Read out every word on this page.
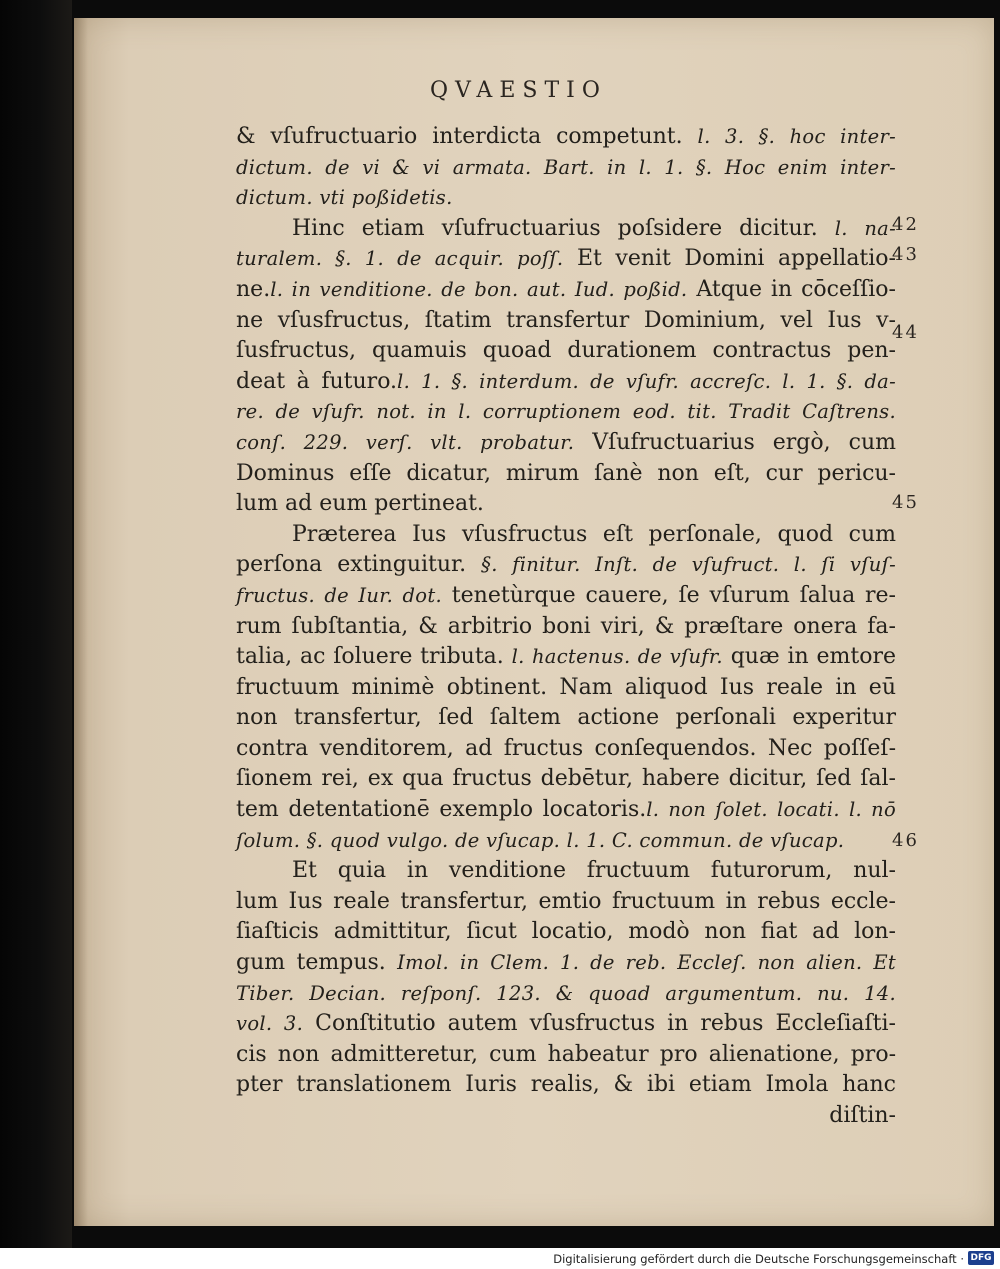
QVAESTIO
& vſufructuario interdicta competunt. l. 3. §. hoc inter-
dictum. de vi & vi armata. Bart. in l. 1. §. Hoc enim inter-
dictum. vti poßidetis.
Hinc etiam vſufructuarius poſsidere dicitur. l. na-
turalem. §. 1. de acquir. poſſ. Et venit Domini appellatio-
ne.l. in venditione. de bon. aut. Iud. poßid. Atque in cōceſſio-
ne vſusfructus, ſtatim transfertur Dominium, vel Ius v-
ſusfructus, quamuis quoad durationem contractus pen-
deat à futuro.l. 1. §. interdum. de vſufr. accreſc. l. 1. §. da-
re. de vſufr. not. in l. corruptionem eod. tit. Tradit Caſtrens.
conſ. 229. verſ. vlt. probatur. Vſufructuarius ergò, cum
Dominus eſſe dicatur, mirum ſanè non eſt, cur pericu-
lum ad eum pertineat.
Præterea Ius vſusfructus eſt perſonale, quod cum
perſona extinguitur. §. finitur. Inſt. de vſufruct. l. ſi vſuſ-
fructus. de Iur. dot. tenetùrque cauere, ſe vſurum ſalua re-
rum ſubſtantia, & arbitrio boni viri, & præſtare onera fa-
talia, ac ſoluere tributa. l. hactenus. de vſufr. quæ in emtore
fructuum minimè obtinent. Nam aliquod Ius reale in eū
non transfertur, ſed ſaltem actione perſonali experitur
contra venditorem, ad fructus conſequendos. Nec poſſeſ-
ſionem rei, ex qua fructus debētur, habere dicitur, ſed ſal-
tem detentationē exemplo locatoris.l. non ſolet. locati. l. nō
ſolum. §. quod vulgo. de vſucap. l. 1. C. commun. de vſucap.
Et quia in venditione fructuum futurorum, nul-
lum Ius reale transfertur, emtio fructuum in rebus eccle-
ſiaſticis admittitur, ſicut locatio, modò non fiat ad lon-
gum tempus. Imol. in Clem. 1. de reb. Eccleſ. non alien. Et
Tiber. Decian. reſponſ. 123. & quoad argumentum. nu. 14.
vol. 3. Conſtitutio autem vſusfructus in rebus Eccleſiaſti-
cis non admitteretur, cum habeatur pro alienatione, pro-
pter translationem Iuris realis, & ibi etiam Imola hanc
diſtin-
42
43
44
45
46
Digitalisierung gefördert durch die Deutsche Forschungsgemeinschaft · DFG
